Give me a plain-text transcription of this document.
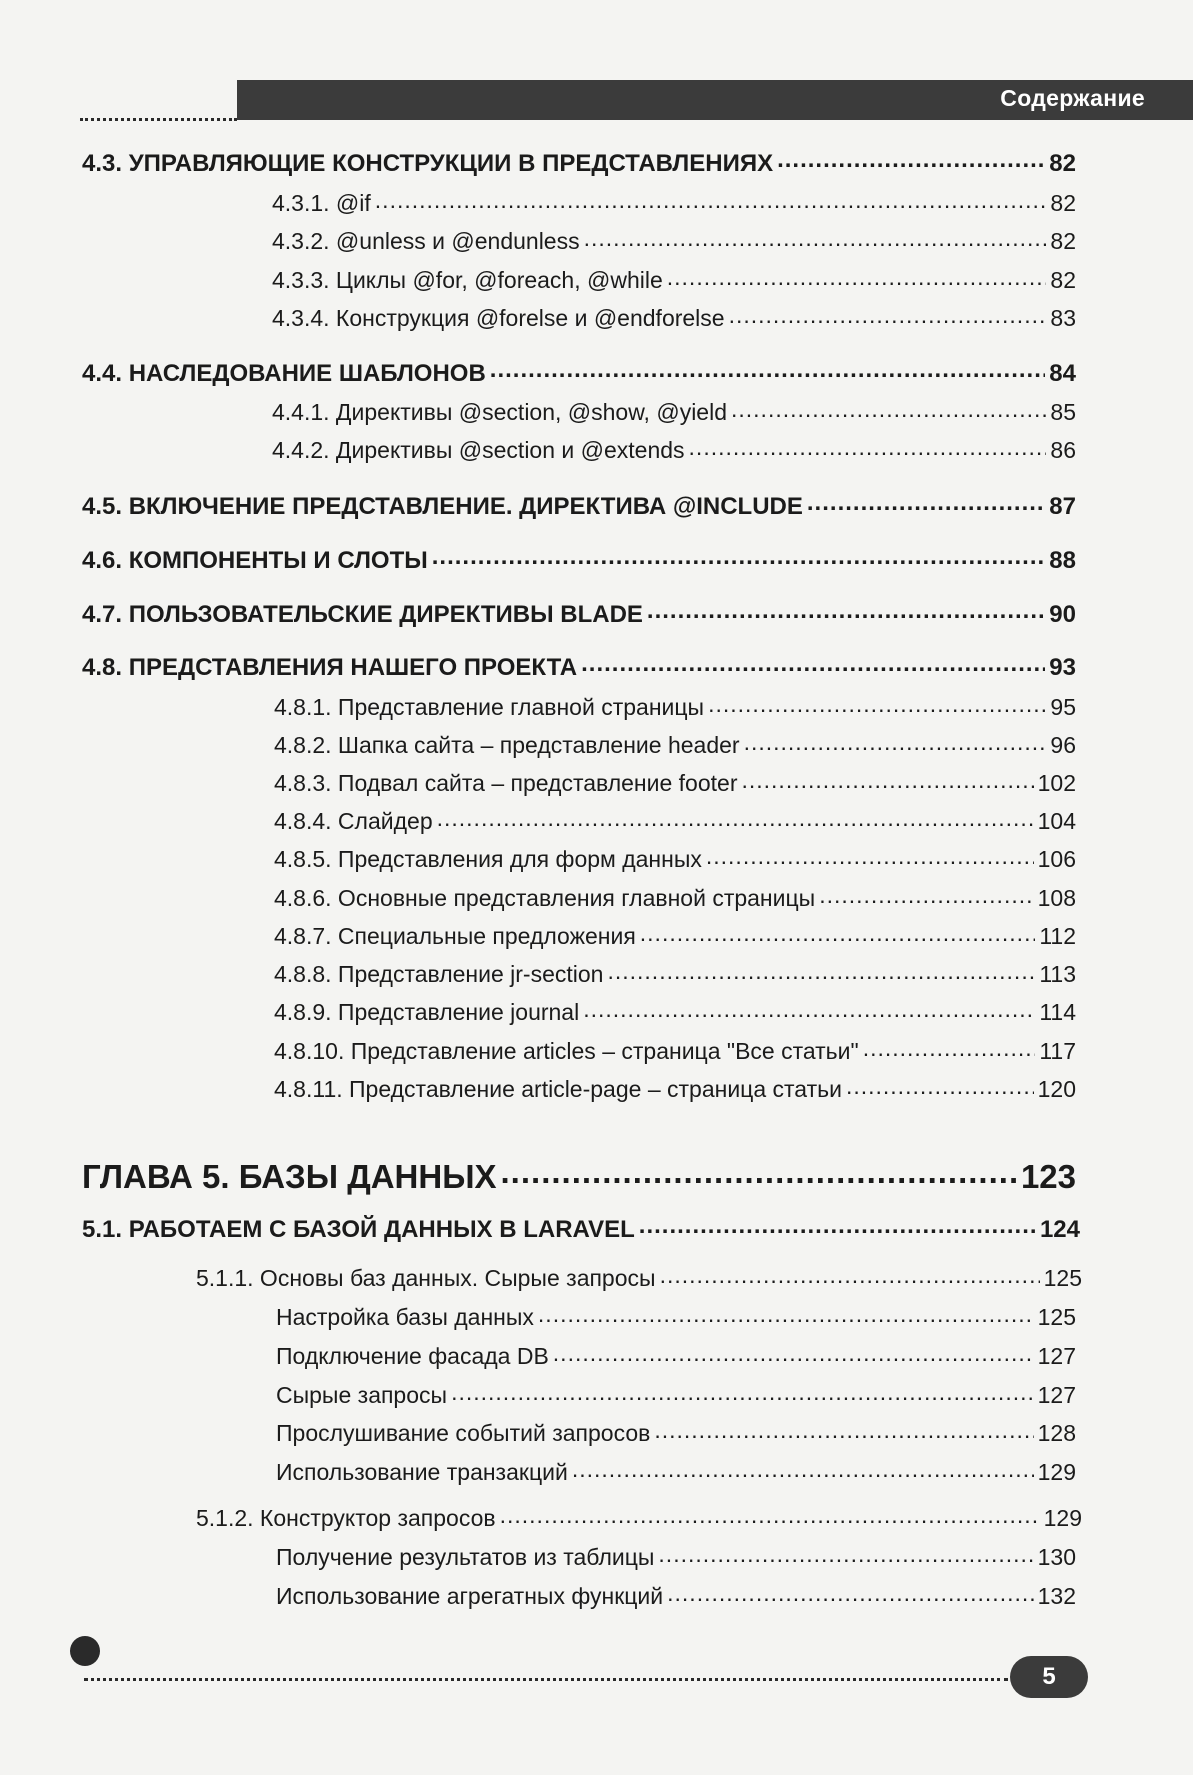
Содержание
4.3. УПРАВЛЯЮЩИЕ КОНСТРУКЦИИ В ПРЕДСТАВЛЕНИЯХ .....	82
4.3.1. @if .....	82
4.3.2. @unless и @endunless .....	82
4.3.3. Циклы @for, @foreach, @while .....	82
4.3.4. Конструкция @forelse и @endforelse .....	83
4.4. НАСЛЕДОВАНИЕ ШАБЛОНОВ .....	84
4.4.1. Директивы @section, @show, @yield .....	85
4.4.2. Директивы @section и @extends .....	86
4.5. ВКЛЮЧЕНИЕ ПРЕДСТАВЛЕНИЕ. ДИРЕКТИВА @INCLUDE .....	87
4.6. КОМПОНЕНТЫ И СЛОТЫ .....	88
4.7. ПОЛЬЗОВАТЕЛЬСКИЕ ДИРЕКТИВЫ BLADE .....	90
4.8. ПРЕДСТАВЛЕНИЯ НАШЕГО ПРОЕКТА .....	93
4.8.1. Представление главной страницы .....	95
4.8.2. Шапка сайта – представление header .....	96
4.8.3. Подвал сайта – представление footer .....	102
4.8.4. Слайдер .....	104
4.8.5. Представления для форм данных .....	106
4.8.6. Основные представления главной страницы .....	108
4.8.7. Специальные предложения .....	112
4.8.8. Представление jr-section .....	113
4.8.9. Представление journal .....	114
4.8.10. Представление articles – страница "Все статьи" .....	117
4.8.11. Представление article-page – страница статьи .....	120
ГЛАВА 5. БАЗЫ ДАННЫХ .....	123
5.1. РАБОТАЕМ С БАЗОЙ ДАННЫХ В LARAVEL .....	124
5.1.1. Основы баз данных. Сырые запросы .....	125
Настройка базы данных .....	125
Подключение фасада DB .....	127
Сырые запросы .....	127
Прослушивание событий запросов .....	128
Использование транзакций .....	129
5.1.2. Конструктор запросов .....	129
Получение результатов из таблицы .....	130
Использование агрегатных функций .....	132
5
